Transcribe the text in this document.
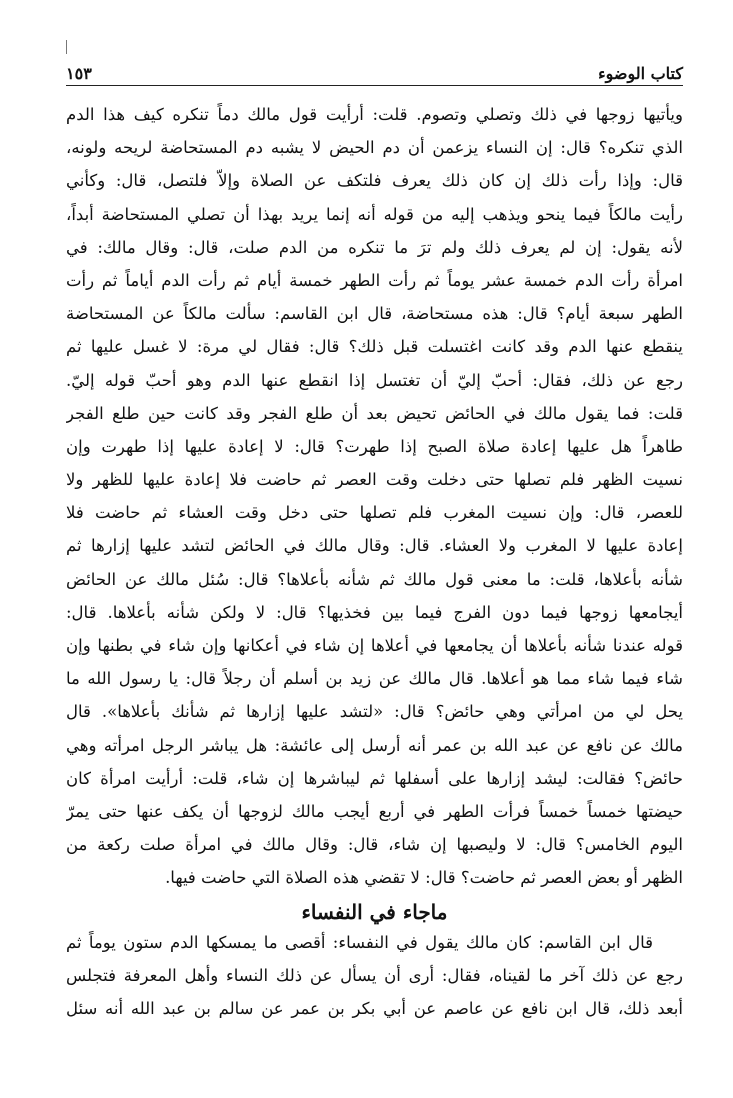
كتاب الوضوء
١٥٣
ويأتيها زوجها في ذلك وتصلي وتصوم. قلت: أرأيت قول مالك دماً تنكره كيف هذا الدم
الذي تنكره؟ قال: إن النساء يزعمن أن دم الحيض لا يشبه دم المستحاضة لريحه ولونه،
قال: وإذا رأت ذلك إن كان ذلك يعرف فلتكف عن الصلاة وإلاّ فلتصل، قال: وكأني
رأيت مالكاً فيما ينحو ويذهب إليه من قوله أنه إنما يريد بهذا أن تصلي المستحاضة أبداً،
لأنه يقول: إن لم يعرف ذلك ولم ترَ ما تنكره من الدم صلت، قال: وقال مالك: في
امرأة رأت الدم خمسة عشر يوماً ثم رأت الطهر خمسة أيام ثم رأت الدم أياماً ثم رأت
الطهر سبعة أيام؟ قال: هذه مستحاضة، قال ابن القاسم: سألت مالكاً عن المستحاضة
ينقطع عنها الدم وقد كانت اغتسلت قبل ذلك؟ قال: فقال لي مرة: لا غسل عليها ثم
رجع عن ذلك، فقال: أحبّ إليّ أن تغتسل إذا انقطع عنها الدم وهو أحبّ قوله إليّ.
قلت: فما يقول مالك في الحائض تحيض بعد أن طلع الفجر وقد كانت حين طلع الفجر
طاهراً هل عليها إعادة صلاة الصبح إذا طهرت؟ قال: لا إعادة عليها إذا طهرت وإن
نسيت الظهر فلم تصلها حتى دخلت وقت العصر ثم حاضت فلا إعادة عليها للظهر ولا
للعصر، قال: وإن نسيت المغرب فلم تصلها حتى دخل وقت العشاء ثم حاضت فلا
إعادة عليها لا المغرب ولا العشاء. قال: وقال مالك في الحائض لتشد عليها إزارها ثم
شأنه بأعلاها، قلت: ما معنى قول مالك ثم شأنه بأعلاها؟ قال: سُئل مالك عن الحائض
أيجامعها زوجها فيما دون الفرج فيما بين فخذيها؟ قال: لا ولكن شأنه بأعلاها. قال:
قوله عندنا شأنه بأعلاها أن يجامعها في أعلاها إن شاء في أعكانها وإن شاء في بطنها وإن
شاء فيما شاء مما هو أعلاها. قال مالك عن زيد بن أسلم أن رجلاً قال: يا رسول الله ما
يحل لي من امرأتي وهي حائض؟ قال: «لتشد عليها إزارها ثم شأنك بأعلاها». قال
مالك عن نافع عن عبد الله بن عمر أنه أرسل إلى عائشة: هل يباشر الرجل امرأته وهي
حائض؟ فقالت: ليشد إزارها على أسفلها ثم ليباشرها إن شاء، قلت: أرأيت امرأة كان
حيضتها خمساً خمساً فرأت الطهر في أربع أيجب مالك لزوجها أن يكف عنها حتى يمرّ
اليوم الخامس؟ قال: لا وليصبها إن شاء، قال: وقال مالك في امرأة صلت ركعة من
الظهر أو بعض العصر ثم حاضت؟ قال: لا تقضي هذه الصلاة التي حاضت فيها.
ماجاء في النفساء
قال ابن القاسم: كان مالك يقول في النفساء: أقصى ما يمسكها الدم ستون يوماً ثم
رجع عن ذلك آخر ما لقيناه، فقال: أرى أن يسأل عن ذلك النساء وأهل المعرفة فتجلس
أبعد ذلك، قال ابن نافع عن عاصم عن أبي بكر بن عمر عن سالم بن عبد الله أنه سئل
